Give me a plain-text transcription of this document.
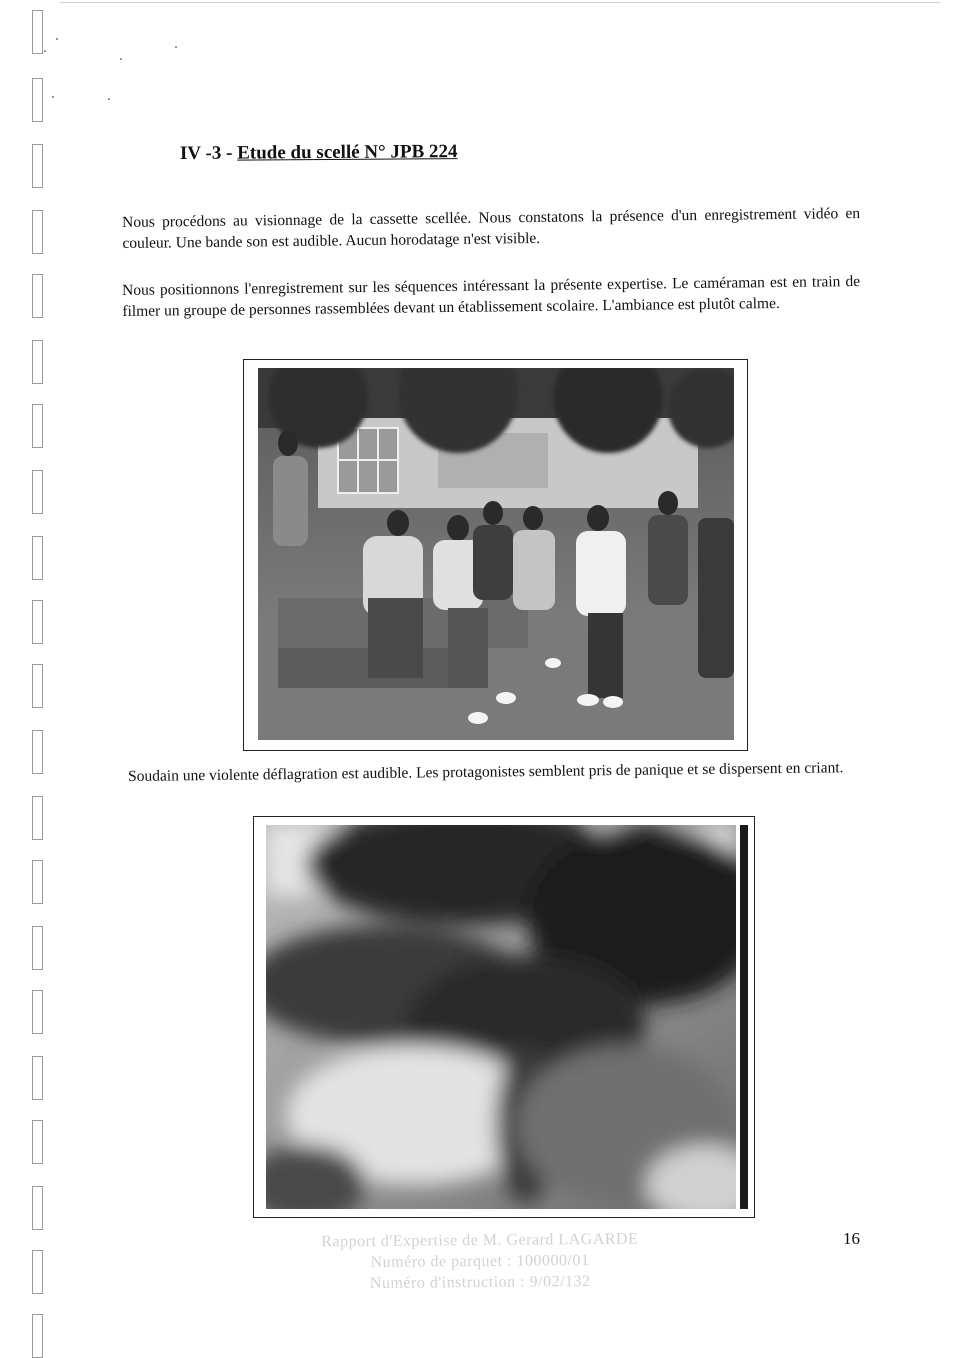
IV -3 - Etude du scellé N° JPB 224

Nous procédons au visionnage de la cassette scellée. Nous constatons la présence d'un enregistrement vidéo en couleur. Une bande son est audible. Aucun horodatage n'est visible.

Nous positionnons l'enregistrement sur les séquences intéressant la présente expertise. Le caméraman est en train de filmer un groupe de personnes rassemblées devant un établissement scolaire. L'ambiance est plutôt calme.

Soudain une violente déflagration est audible. Les protagonistes semblent pris de panique et se dispersent en criant.

Rapport d'Expertise de M. Gerard LAGARDE
Numéro de parquet : 100000/01
Numéro d'instruction : 9/02/132
16
